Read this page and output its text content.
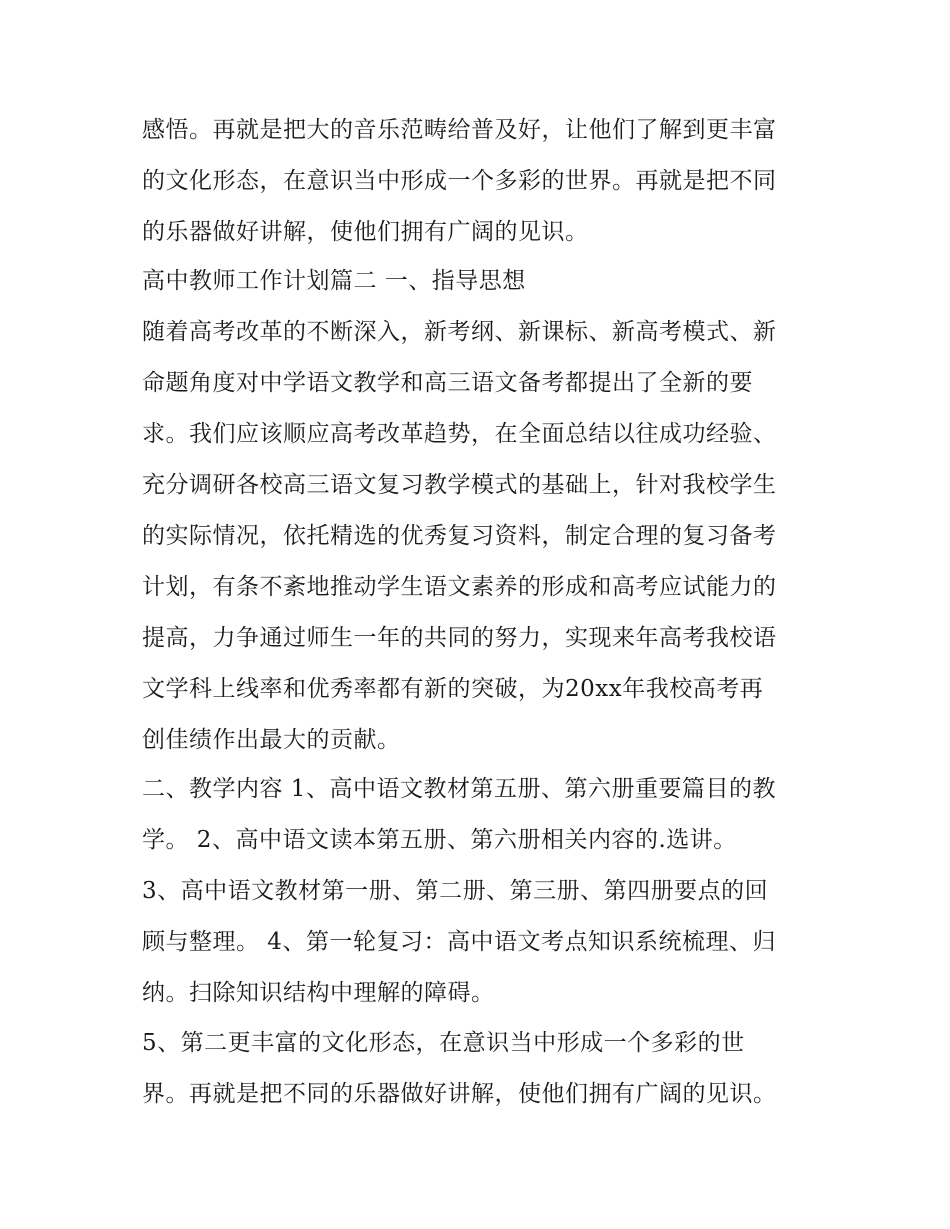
感悟。再就是把大的音乐范畴给普及好，让他们了解到更丰富
的文化形态，在意识当中形成一个多彩的世界。再就是把不同
的乐器做好讲解，使他们拥有广阔的见识。
高中教师工作计划篇二 一、指导思想
随着高考改革的不断深入，新考纲、新课标、新高考模式、新
命题角度对中学语文教学和高三语文备考都提出了全新的要
求。我们应该顺应高考改革趋势，在全面总结以往成功经验、
充分调研各校高三语文复习教学模式的基础上，针对我校学生
的实际情况，依托精选的优秀复习资料，制定合理的复习备考
计划，有条不紊地推动学生语文素养的形成和高考应试能力的
提高，力争通过师生一年的共同的努力，实现来年高考我校语
文学科上线率和优秀率都有新的突破，为20xx年我校高考再
创佳绩作出最大的贡献。
二、教学内容 1、高中语文教材第五册、第六册重要篇目的教
学。 2、高中语文读本第五册、第六册相关内容的.选讲。
3、高中语文教材第一册、第二册、第三册、第四册要点的回
顾与整理。 4、第一轮复习：高中语文考点知识系统梳理、归
纳。扫除知识结构中理解的障碍。
5、第二更丰富的文化形态，在意识当中形成一个多彩的世
界。再就是把不同的乐器做好讲解，使他们拥有广阔的见识。
